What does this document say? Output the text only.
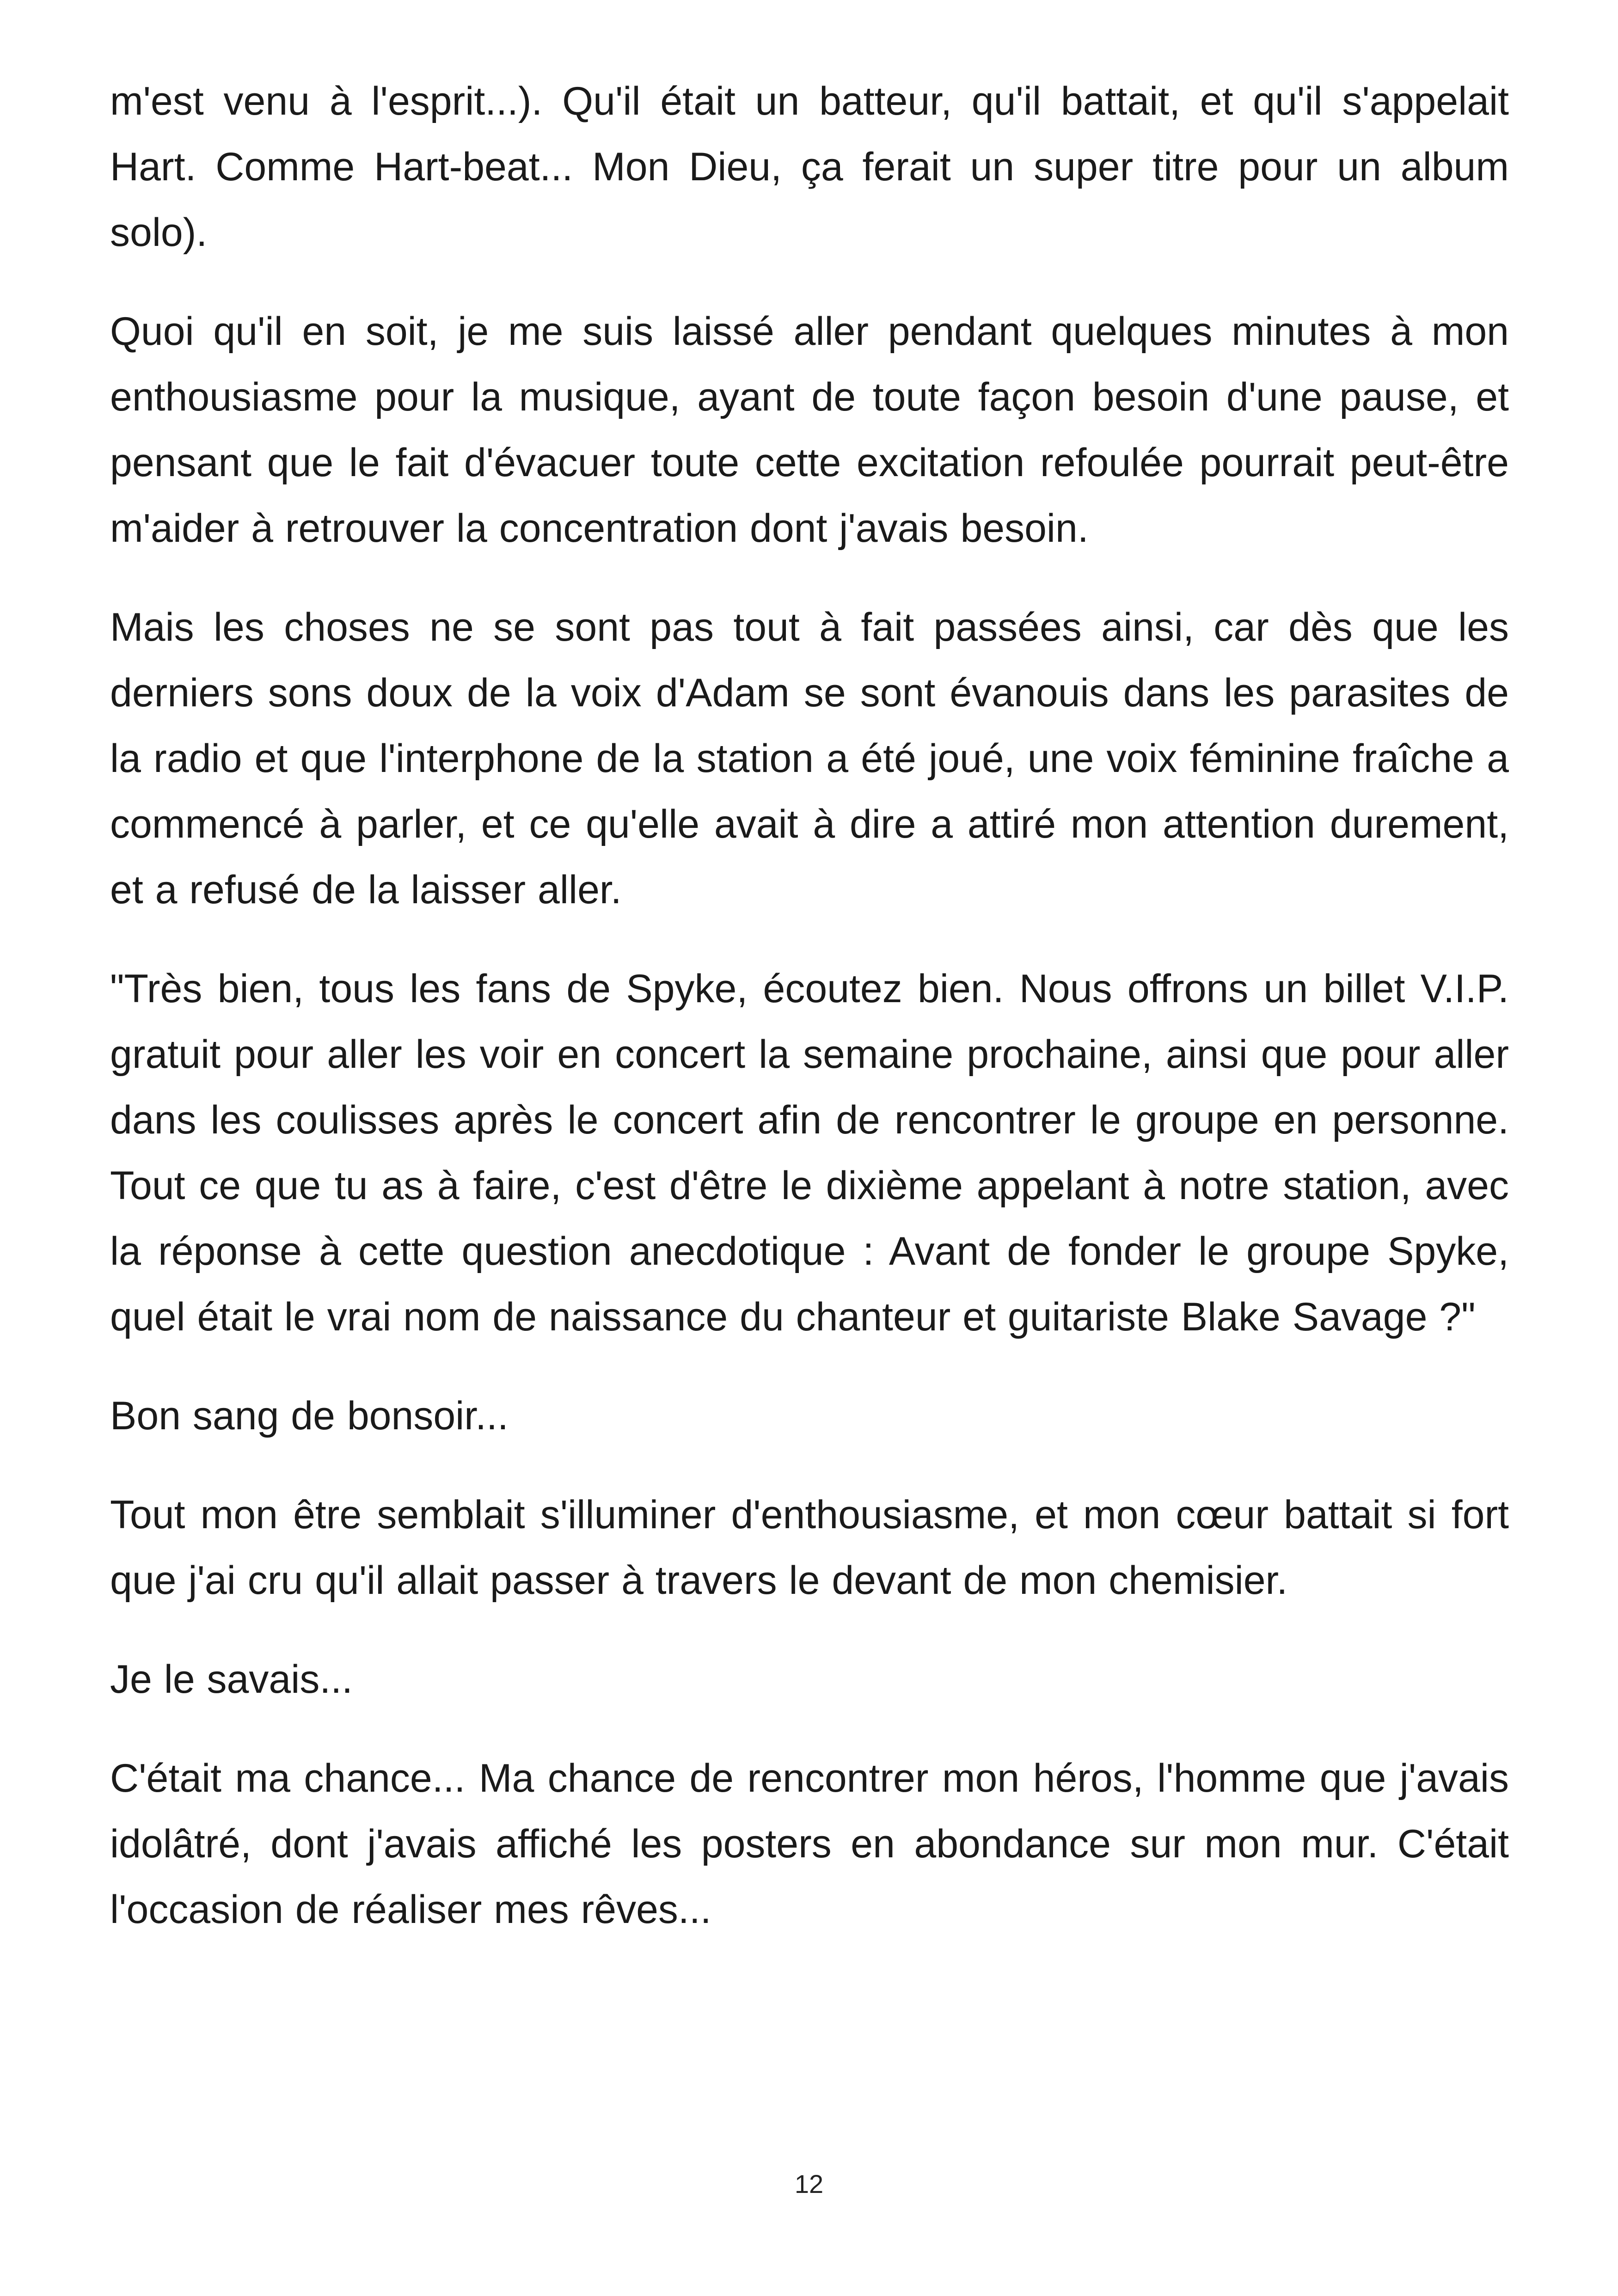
m'est venu à l'esprit...). Qu'il était un batteur, qu'il battait, et qu'il s'appelait Hart. Comme Hart-beat... Mon Dieu, ça ferait un super titre pour un album solo).

Quoi qu'il en soit, je me suis laissé aller pendant quelques minutes à mon enthousiasme pour la musique, ayant de toute façon besoin d'une pause, et pensant que le fait d'évacuer toute cette excitation refoulée pourrait peut-être m'aider à retrouver la concentration dont j'avais besoin.

Mais les choses ne se sont pas tout à fait passées ainsi, car dès que les derniers sons doux de la voix d'Adam se sont évanouis dans les parasites de la radio et que l'interphone de la station a été joué, une voix féminine fraîche a commencé à parler, et ce qu'elle avait à dire a attiré mon attention durement, et a refusé de la laisser aller.

"Très bien, tous les fans de Spyke, écoutez bien. Nous offrons un billet V.I.P. gratuit pour aller les voir en concert la semaine prochaine, ainsi que pour aller dans les coulisses après le concert afin de rencontrer le groupe en personne. Tout ce que tu as à faire, c'est d'être le dixième appelant à notre station, avec la réponse à cette question anecdotique : Avant de fonder le groupe Spyke, quel était le vrai nom de naissance du chanteur et guitariste Blake Savage ?"

Bon sang de bonsoir...

Tout mon être semblait s'illuminer d'enthousiasme, et mon cœur battait si fort que j'ai cru qu'il allait passer à travers le devant de mon chemisier.

Je le savais...

C'était ma chance... Ma chance de rencontrer mon héros, l'homme que j'avais idolâtré, dont j'avais affiché les posters en abondance sur mon mur. C'était l'occasion de réaliser mes rêves...

12
